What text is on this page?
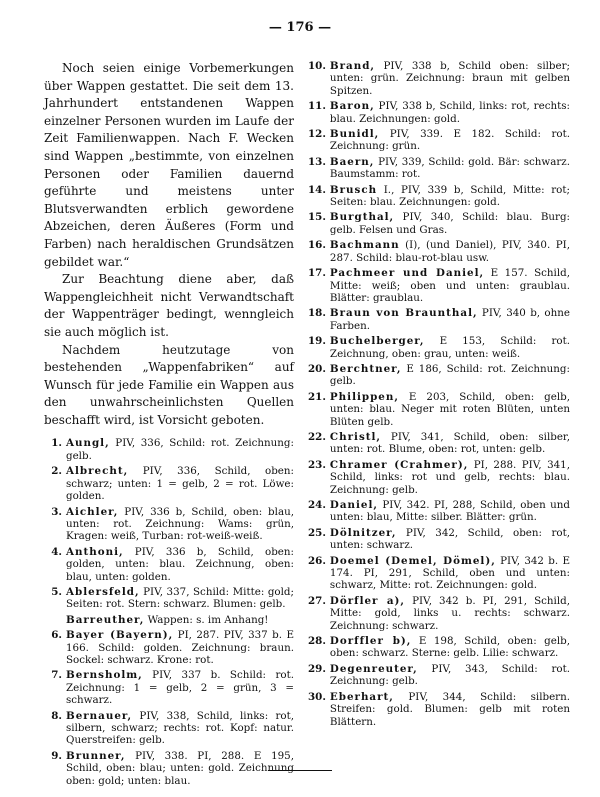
— 176 —

Noch seien einige Vorbemerkungen über Wappen gestattet. Die seit dem 13. Jahrhundert entstandenen Wappen einzelner Personen wurden im Laufe der Zeit Familienwappen. Nach F. Wecken sind Wappen „bestimmte, von einzelnen Personen oder Familien dauernd geführte und meistens unter Blutsverwandten erblich gewordene Abzeichen, deren Äußeres (Form und Farben) nach heraldischen Grundsätzen gebildet war.“

Zur Beachtung diene aber, daß Wappengleichheit nicht Verwandtschaft der Wappenträger bedingt, wenngleich sie auch möglich ist.

Nachdem heutzutage von bestehenden „Wappenfabriken“ auf Wunsch für jede Familie ein Wappen aus den unwahrscheinlichsten Quellen beschafft wird, ist Vorsicht geboten.

1. Aungl, PIV, 336, Schild: rot. Zeichnung: gelb.
2. Albrecht, PIV, 336, Schild, oben: schwarz; unten: 1 = gelb, 2 = rot. Löwe: golden.
3. Aichler, PIV, 336 b, Schild, oben: blau, unten: rot. Zeichnung: Wams: grün, Kragen: weiß, Turban: rot-weiß-weiß.
4. Anthoni, PIV, 336 b, Schild, oben: golden, unten: blau. Zeichnung, oben: blau, unten: golden.
5. Ablersfeld, PIV, 337, Schild: Mitte: gold; Seiten: rot. Stern: schwarz. Blumen: gelb.
Barreuther, Wappen: s. im Anhang!
6. Bayer (Bayern), PI, 287. PIV, 337 b. E 166. Schild: golden. Zeichnung: braun. Sockel: schwarz. Krone: rot.
7. Bernsholm, PIV, 337 b. Schild: rot. Zeichnung: 1 = gelb, 2 = grün, 3 = schwarz.
8. Bernauer, PIV, 338, Schild, links: rot, silbern, schwarz; rechts: rot. Kopf: natur. Querstreifen: gelb.
9. Brunner, PIV, 338. PI, 288. E 195, Schild, oben: blau; unten: gold. Zeichnung oben: gold; unten: blau.
10. Brand, PIV, 338 b, Schild oben: silber; unten: grün. Zeichnung: braun mit gelben Spitzen.
11. Baron, PIV, 338 b, Schild, links: rot, rechts: blau. Zeichnungen: gold.
12. Bunidl, PIV, 339. E 182. Schild: rot. Zeichnung: grün.
13. Baern, PIV, 339, Schild: gold. Bär: schwarz. Baumstamm: rot.
14. Brusch I., PIV, 339 b, Schild, Mitte: rot; Seiten: blau. Zeichnungen: gold.
15. Burgthal, PIV, 340, Schild: blau. Burg: gelb. Felsen und Gras.
16. Bachmann (I), (und Daniel), PIV, 340. PI, 287. Schild: blau-rot-blau usw.
17. Pachmeer und Daniel, E 157. Schild, Mitte: weiß; oben und unten: graublau. Blätter: graublau.
18. Braun von Braunthal, PIV, 340 b, ohne Farben.
19. Buchelberger, E 153, Schild: rot. Zeichnung, oben: grau, unten: weiß.
20. Berchtner, E 186, Schild: rot. Zeichnung: gelb.
21. Philippen, E 203, Schild, oben: gelb, unten: blau. Neger mit roten Blüten, unten Blüten gelb.
22. Christl, PIV, 341, Schild, oben: silber, unten: rot. Blume, oben: rot, unten: gelb.
23. Chramer (Crahmer), PI, 288. PIV, 341, Schild, links: rot und gelb, rechts: blau. Zeichnung: gelb.
24. Daniel, PIV, 342. PI, 288, Schild, oben und unten: blau, Mitte: silber. Blätter: grün.
25. Dölnitzer, PIV, 342, Schild, oben: rot, unten: schwarz.
26. Doemel (Demel, Dömel), PIV, 342 b. E 174. PI, 291, Schild, oben und unten: schwarz, Mitte: rot. Zeichnungen: gold.
27. Dörfler a), PIV, 342 b. PI, 291, Schild, Mitte: gold, links u. rechts: schwarz. Zeichnung: schwarz.
28. Dorffler b), E 198, Schild, oben: gelb, oben: schwarz. Sterne: gelb. Lilie: schwarz.
29. Degenreuter, PIV, 343, Schild: rot. Zeichnung: gelb.
30. Eberhart, PIV, 344, Schild: silbern. Streifen: gold. Blumen: gelb mit roten Blättern.
